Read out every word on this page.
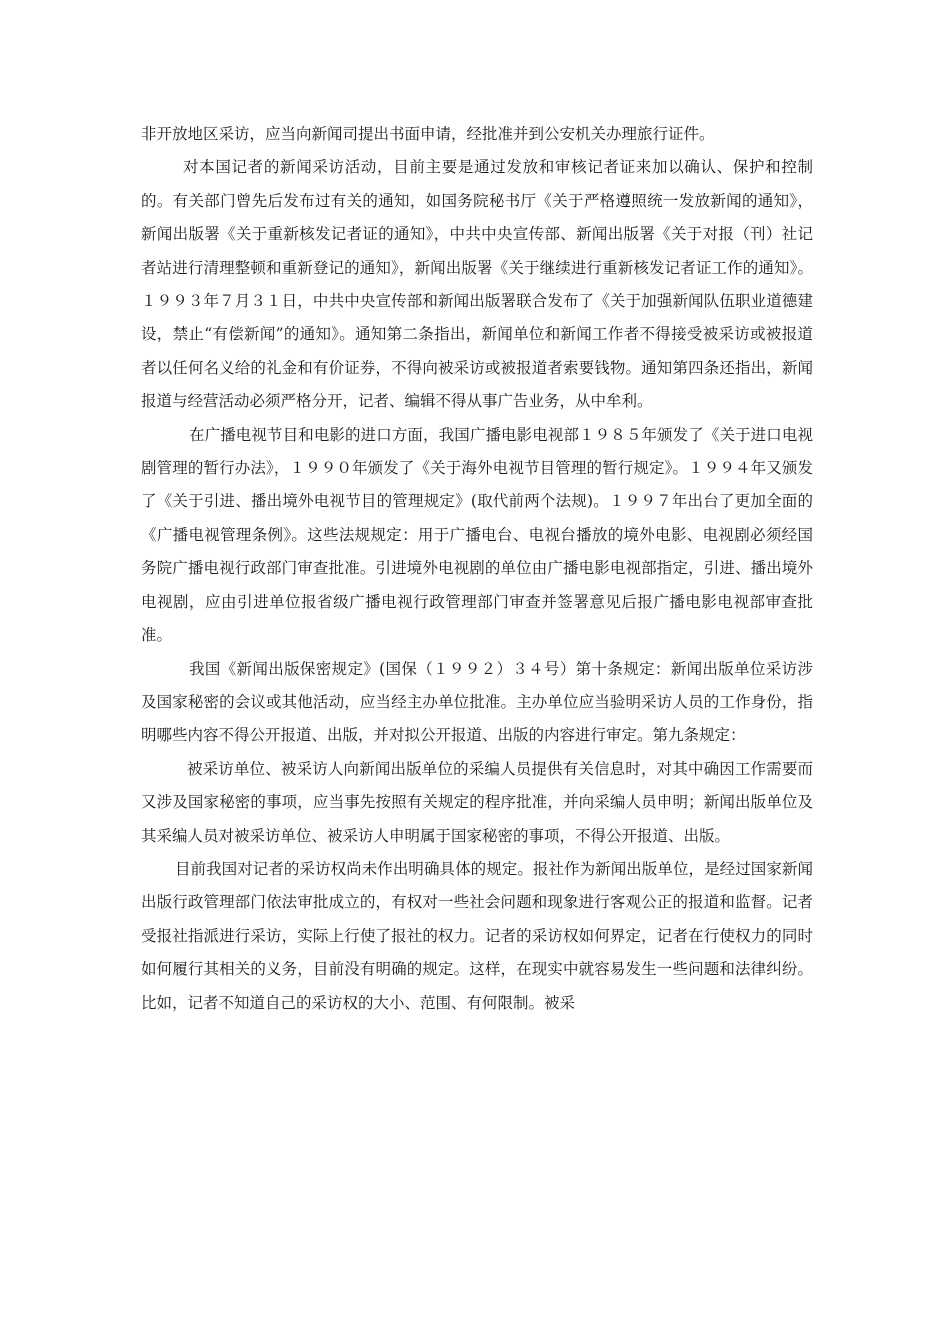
非开放地区采访，应当向新闻司提出书面申请，经批准并到公安机关办理旅行证件。

对本国记者的新闻采访活动，目前主要是通过发放和审核记者证来加以确认、保护和控制的。有关部门曾先后发布过有关的通知，如国务院秘书厅《关于严格遵照统一发放新闻的通知》，新闻出版署《关于重新核发记者证的通知》，中共中央宣传部、新闻出版署《关于对报（刊）社记者站进行清理整顿和重新登记的通知》，新闻出版署《关于继续进行重新核发记者证工作的通知》。１９９３年７月３１日，中共中央宣传部和新闻出版署联合发布了《关于加强新闻队伍职业道德建设，禁止“有偿新闻”的通知》。通知第二条指出，新闻单位和新闻工作者不得接受被采访或被报道者以任何名义给的礼金和有价证券，不得向被采访或被报道者索要钱物。通知第四条还指出，新闻报道与经营活动必须严格分开，记者、编辑不得从事广告业务，从中牟利。

在广播电视节目和电影的进口方面，我国广播电影电视部１９８５年颁发了《关于进口电视剧管理的暂行办法》，１９９０年颁发了《关于海外电视节目管理的暂行规定》。１９９４年又颁发了《关于引进、播出境外电视节目的管理规定》(取代前两个法规)。１９９７年出台了更加全面的《广播电视管理条例》。这些法规规定：用于广播电台、电视台播放的境外电影、电视剧必须经国务院广播电视行政部门审查批准。引进境外电视剧的单位由广播电影电视部指定，引进、播出境外电视剧，应由引进单位报省级广播电视行政管理部门审查并签署意见后报广播电影电视部审查批准。

我国《新闻出版保密规定》(国保（１９９２）３４号）第十条规定：新闻出版单位采访涉及国家秘密的会议或其他活动，应当经主办单位批准。主办单位应当验明采访人员的工作身份，指明哪些内容不得公开报道、出版，并对拟公开报道、出版的内容进行审定。第九条规定：

被采访单位、被采访人向新闻出版单位的采编人员提供有关信息时，对其中确因工作需要而又涉及国家秘密的事项，应当事先按照有关规定的程序批准，并向采编人员申明；新闻出版单位及其采编人员对被采访单位、被采访人申明属于国家秘密的事项，不得公开报道、出版。

目前我国对记者的采访权尚未作出明确具体的规定。报社作为新闻出版单位，是经过国家新闻出版行政管理部门依法审批成立的，有权对一些社会问题和现象进行客观公正的报道和监督。记者受报社指派进行采访，实际上行使了报社的权力。记者的采访权如何界定，记者在行使权力的同时如何履行其相关的义务，目前没有明确的规定。这样，在现实中就容易发生一些问题和法律纠纷。比如，记者不知道自己的采访权的大小、范围、有何限制。被采
